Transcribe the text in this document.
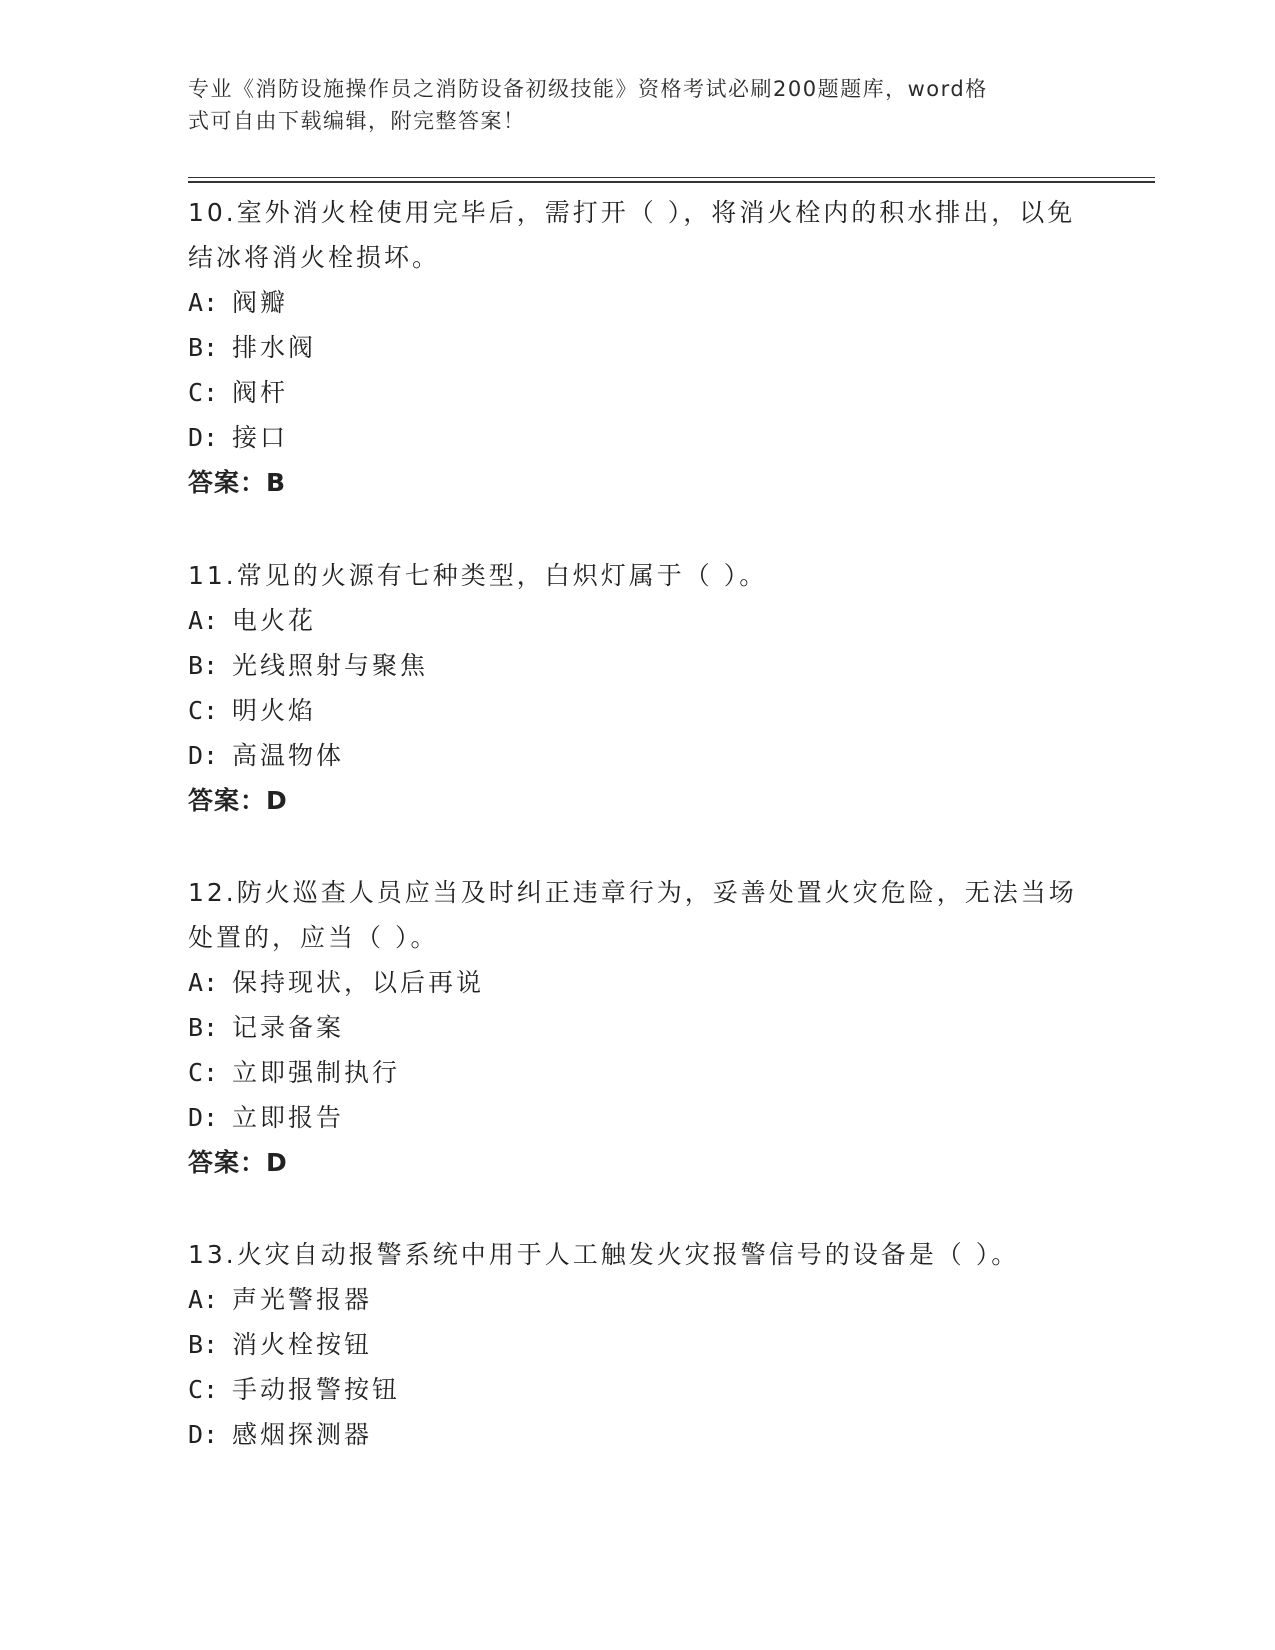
专业《消防设施操作员之消防设备初级技能》资格考试必刷200题题库，word格
式可自由下载编辑，附完整答案！

10.室外消火栓使用完毕后，需打开（ ），将消火栓内的积水排出，以免结冰将消火栓损坏。

A: 阀瓣

B: 排水阀

C: 阀杆

D: 接口

答案：B

11.常见的火源有七种类型，白炽灯属于（ ）。

A: 电火花

B: 光线照射与聚焦

C: 明火焰

D: 高温物体

答案：D

12.防火巡查人员应当及时纠正违章行为，妥善处置火灾危险，无法当场处置的，应当（ ）。

A: 保持现状，以后再说

B: 记录备案

C: 立即强制执行

D: 立即报告

答案：D

13.火灾自动报警系统中用于人工触发火灾报警信号的设备是（ ）。

A: 声光警报器

B: 消火栓按钮

C: 手动报警按钮

D: 感烟探测器
